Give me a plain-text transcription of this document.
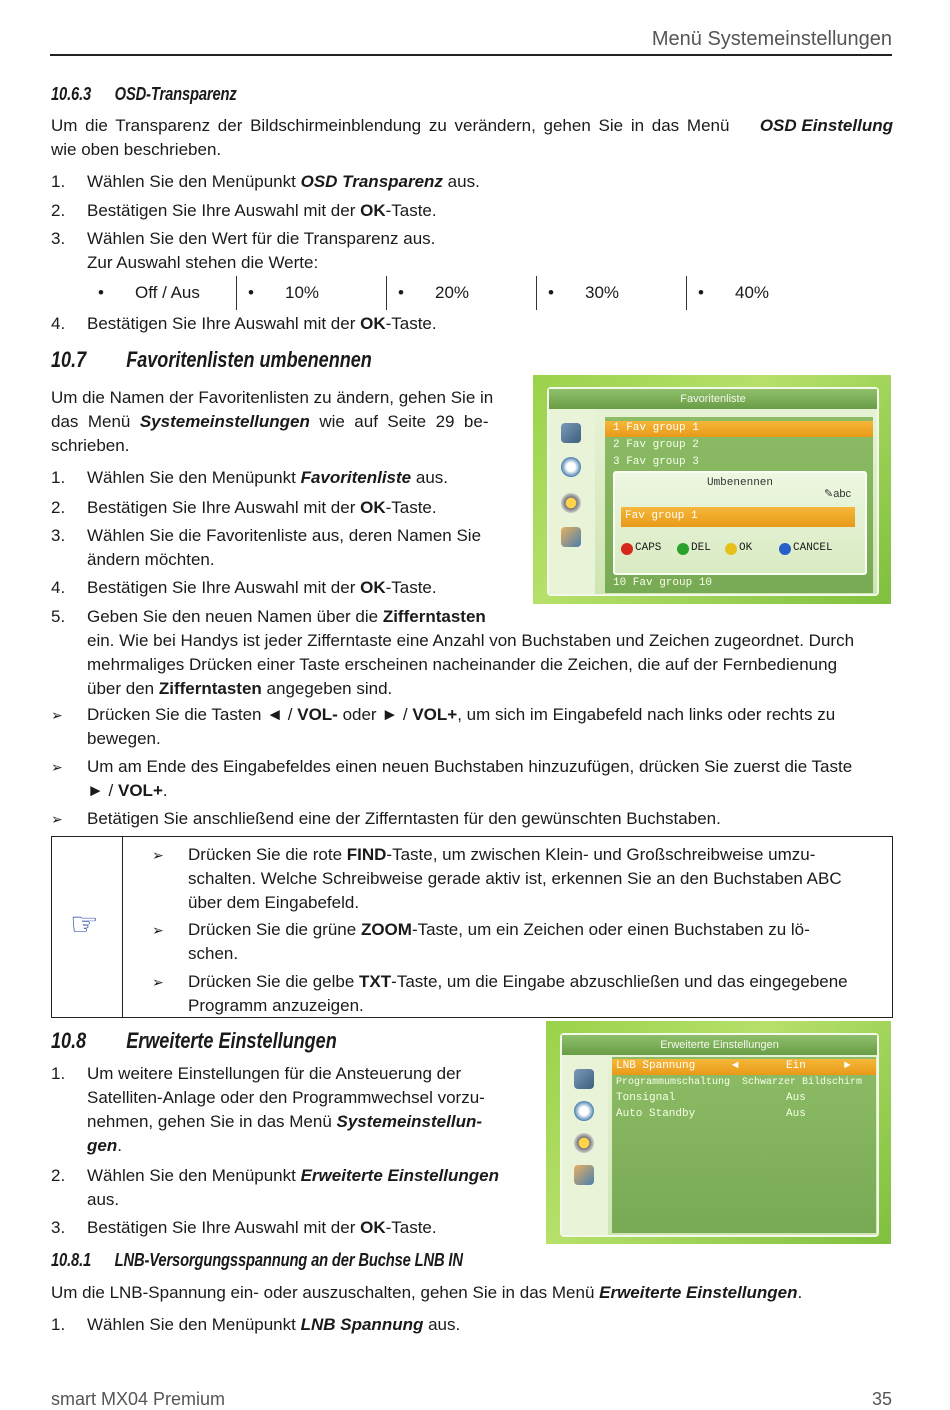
Menü Systemeinstellungen
smart MX04 Premium	35
10.6.3      OSD-Transparenz
Um die Transparenz der Bildschirmeinblendung zu verändern, gehen Sie in das Menü OSD Einstellung
wie oben beschrieben.
1. Wählen Sie den Menüpunkt OSD Transparenz aus.
2. Bestätigen Sie Ihre Auswahl mit der OK-Taste.
3. Wählen Sie den Wert für die Transparenz aus.
Zur Auswahl stehen die Werte:
• Off / Aus	• 10%	• 20%	• 30%	• 40%
4. Bestätigen Sie Ihre Auswahl mit der OK-Taste.
10.7        Favoritenlisten umbenennen
Um die Namen der Favoritenlisten zu ändern, gehen Sie in
das  Menü  Systemeinstellungen  wie  auf  Seite  29  be-
schrieben.
1. Wählen Sie den Menüpunkt Favoritenliste aus.
2. Bestätigen Sie Ihre Auswahl mit der OK-Taste.
3. Wählen Sie die Favoritenliste aus, deren Namen Sie
ändern möchten.
4. Bestätigen Sie Ihre Auswahl mit der OK-Taste.
5. Geben Sie den neuen Namen über die Zifferntasten
ein. Wie bei Handys ist jeder Zifferntaste eine Anzahl von Buchstaben und Zeichen zugeordnet. Durch
mehrmaliges Drücken einer Taste erscheinen nacheinander die Zeichen, die auf der Fernbedienung
über den Zifferntasten angegeben sind.
➢ Drücken Sie die Tasten ◄ / VOL- oder ► / VOL+, um sich im Eingabefeld nach links oder rechts zu
bewegen.
➢ Um am Ende des Eingabefeldes einen neuen Buchstaben hinzuzufügen, drücken Sie zuerst die Taste
► / VOL+.
➢ Betätigen Sie anschließend eine der Zifferntasten für den gewünschten Buchstaben.
☞
➢ Drücken Sie die rote FIND-Taste, um zwischen Klein- und Großschreibweise umzu-
schalten. Welche Schreibweise gerade aktiv ist, erkennen Sie an den Buchstaben ABC
über dem Eingabefeld.
➢ Drücken Sie die grüne ZOOM-Taste, um ein Zeichen oder einen Buchstaben zu lö-
schen.
➢ Drücken Sie die gelbe TXT-Taste, um die Eingabe abzuschließen und das eingegebene
Programm anzuzeigen.
Favoritenliste
1 Fav group 1
2 Fav group 2
3 Fav group 3
10 Fav group 10
Umbenennen
✎abc
Fav group 1
CAPS	DEL	OK	CANCEL
10.8        Erweiterte Einstellungen
1. Um weitere Einstellungen für die Ansteuerung der
Satelliten-Anlage oder den Programmwechsel vorzu-
nehmen, gehen Sie in das Menü Systemeinstellun-
gen.
2. Wählen Sie den Menüpunkt Erweiterte Einstellungen
aus.
3. Bestätigen Sie Ihre Auswahl mit der OK-Taste.
Erweiterte Einstellungen
LNB Spannung	◄	Ein	►
Programmumschaltung Schwarzer Bildschirm
Tonsignal	Aus
Auto Standby	Aus
10.8.1      LNB-Versorgungsspannung an der Buchse LNB IN
Um die LNB-Spannung ein- oder auszuschalten, gehen Sie in das Menü Erweiterte Einstellungen.
1. Wählen Sie den Menüpunkt LNB Spannung aus.
